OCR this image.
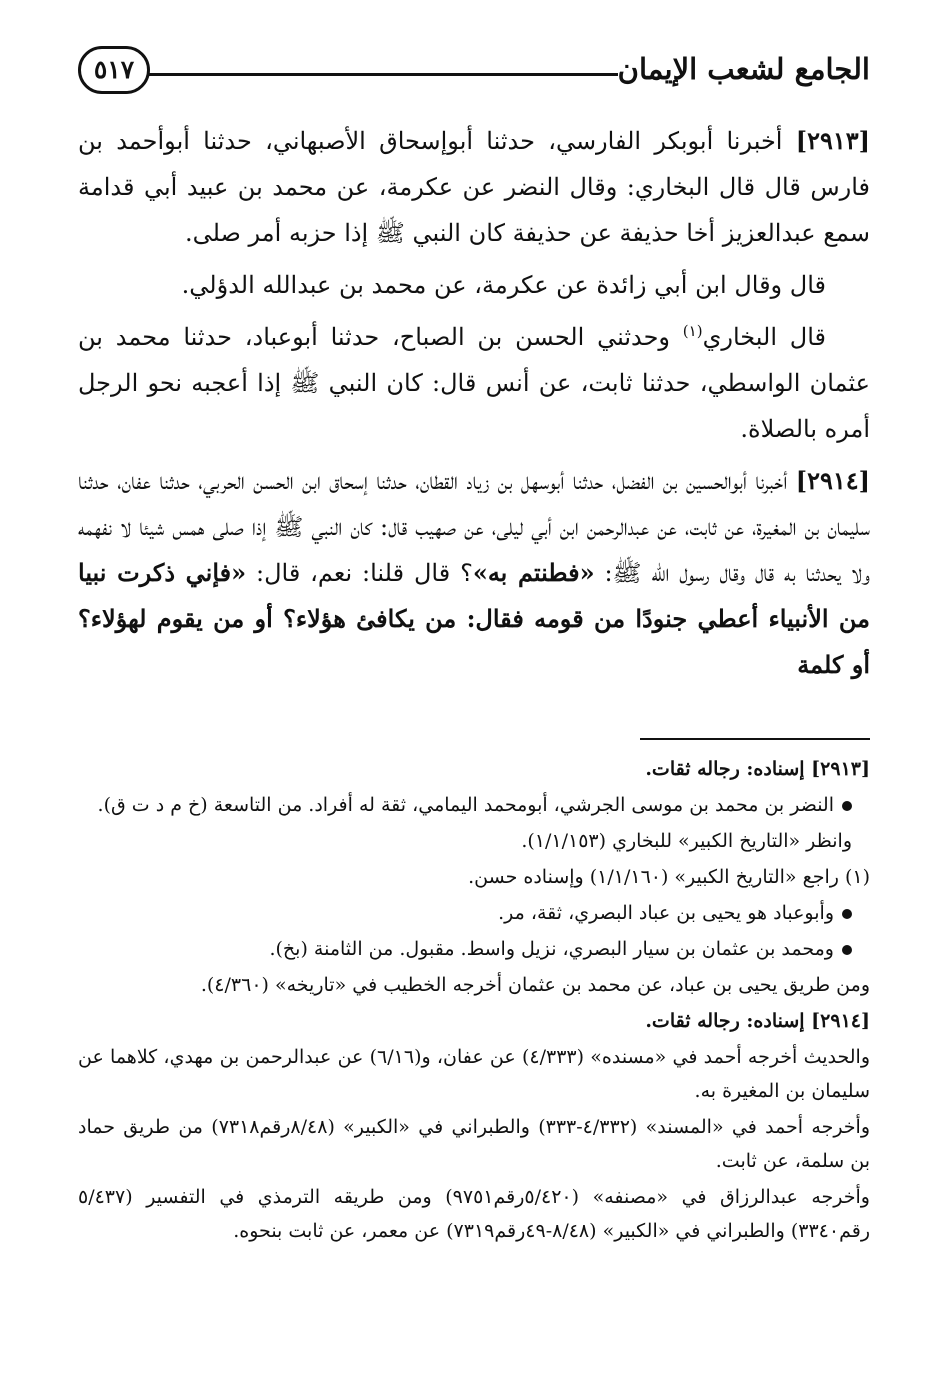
الجامع لشعب الإيمان
٥١٧

[٢٩١٣] أخبرنا أبوبكر الفارسي، حدثنا أبوإسحاق الأصبهاني، حدثنا أبوأحمد بن فارس قال قال البخاري: وقال النضر عن عكرمة، عن محمد بن عبيد أبي قدامة سمع عبدالعزيز أخا حذيفة عن حذيفة كان النبي ﷺ إذا حزبه أمر صلى.

قال وقال ابن أبي زائدة عن عكرمة، عن محمد بن عبدالله الدؤلي.

قال البخاري$^{(١)}$ وحدثني الحسن بن الصباح، حدثنا أبوعباد، حدثنا محمد بن عثمان الواسطي، حدثنا ثابت، عن أنس قال: كان النبي ﷺ إذا أعجبه نحو الرجل أمره بالصلاة.

[٢٩١٤] أخبرنا أبوالحسين بن الفضل، حدثنا أبوسهل بن زياد القطان، حدثنا إسحاق ابن الحسن الحربي، حدثنا عفان، حدثنا سليمان بن المغيرة، عن ثابت، عن عبدالرحمن ابن أبي ليلى، عن صهيب قال: كان النبي ﷺ إذا صلى همس شيئا لا نفهمه ولا يحدثنا به قال وقال رسول الله ﷺ: «فطنتم به»؟ قال قلنا: نعم، قال: «فإني ذكرت نبيا من الأنبياء أعطي جنودًا من قومه فقال: من يكافئ هؤلاء؟ أو من يقوم لهؤلاء؟ أو كلمة

[٢٩١٣] إسناده: رجاله ثقات.

النضر بن محمد بن موسى الجرشي، أبومحمد اليمامي، ثقة له أفراد. من التاسعة (خ م د ت ق).

وانظر «التاريخ الكبير» للبخاري (١/١/١٥٣).

(١) راجع «التاريخ الكبير» (١/١/١٦٠) وإسناده حسن.

وأبوعباد هو يحيى بن عباد البصري، ثقة، مر.

ومحمد بن عثمان بن سيار البصري، نزيل واسط. مقبول. من الثامنة (بخ).

ومن طريق يحيى بن عباد، عن محمد بن عثمان أخرجه الخطيب في «تاريخه» (٤/٣٦٠).

[٢٩١٤] إسناده: رجاله ثقات.

والحديث أخرجه أحمد في «مسنده» (٤/٣٣٣) عن عفان، و(٦/١٦) عن عبدالرحمن بن مهدي، كلاهما عن سليمان بن المغيرة به.

وأخرجه أحمد في «المسند» (٤/٣٣٢-٣٣٣) والطبراني في «الكبير» (٨/٤٨رقم٧٣١٨) من طريق حماد بن سلمة، عن ثابت.

وأخرجه عبدالرزاق في «مصنفه» (٥/٤٢٠رقم٩٧٥١) ومن طريقه الترمذي في التفسير (٥/٤٣٧ رقم٣٣٤٠) والطبراني في «الكبير» (٨/٤٨-٤٩رقم٧٣١٩) عن معمر، عن ثابت بنحوه.
